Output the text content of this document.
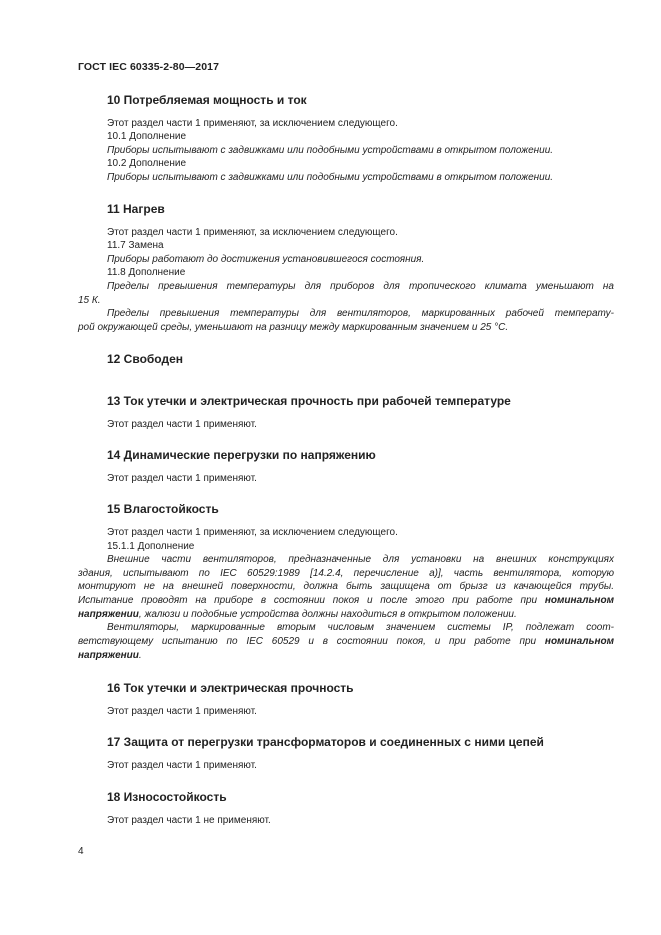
ГОСТ IEC 60335-2-80—2017
10 Потребляемая мощность и ток
Этот раздел части 1 применяют, за исключением следующего.
10.1 Дополнение
Приборы испытывают с задвижками или подобными устройствами в открытом положении.
10.2 Дополнение
Приборы испытывают с задвижками или подобными устройствами в открытом положении.
11 Нагрев
Этот раздел части 1 применяют, за исключением следующего.
11.7 Замена
Приборы работают до достижения установившегося состояния.
11.8 Дополнение
Пределы превышения температуры для приборов для тропического климата уменьшают на
15 К.
Пределы превышения температуры для вентиляторов, маркированных рабочей температу-
рой окружающей среды, уменьшают на разницу между маркированным значением и 25 °С.
12 Свободен
13 Ток утечки и электрическая прочность при рабочей температуре
Этот раздел части 1 применяют.
14 Динамические перегрузки по напряжению
Этот раздел части 1 применяют.
15 Влагостойкость
Этот раздел части 1 применяют, за исключением следующего.
15.1.1 Дополнение
Внешние части вентиляторов, предназначенные для установки на внешних конструкциях
здания, испытывают по IEC 60529:1989 [14.2.4, перечисление а)], часть вентилятора, которую
монтируют не на внешней поверхности, должна быть защищена от брызг из качающейся трубы.
Испытание проводят на приборе в состоянии покоя и после этого при работе при номинальном
напряжении, жалюзи и подобные устройства должны находиться в открытом положении.
Вентиляторы, маркированные вторым числовым значением системы IP, подлежат соот-
ветствующему испытанию по IEC 60529 и в состоянии покоя, и при работе при номинальном
напряжении.
16 Ток утечки и электрическая прочность
Этот раздел части 1 применяют.
17 Защита от перегрузки трансформаторов и соединенных с ними цепей
Этот раздел части 1 применяют.
18 Износостойкость
Этот раздел части 1 не применяют.
4
